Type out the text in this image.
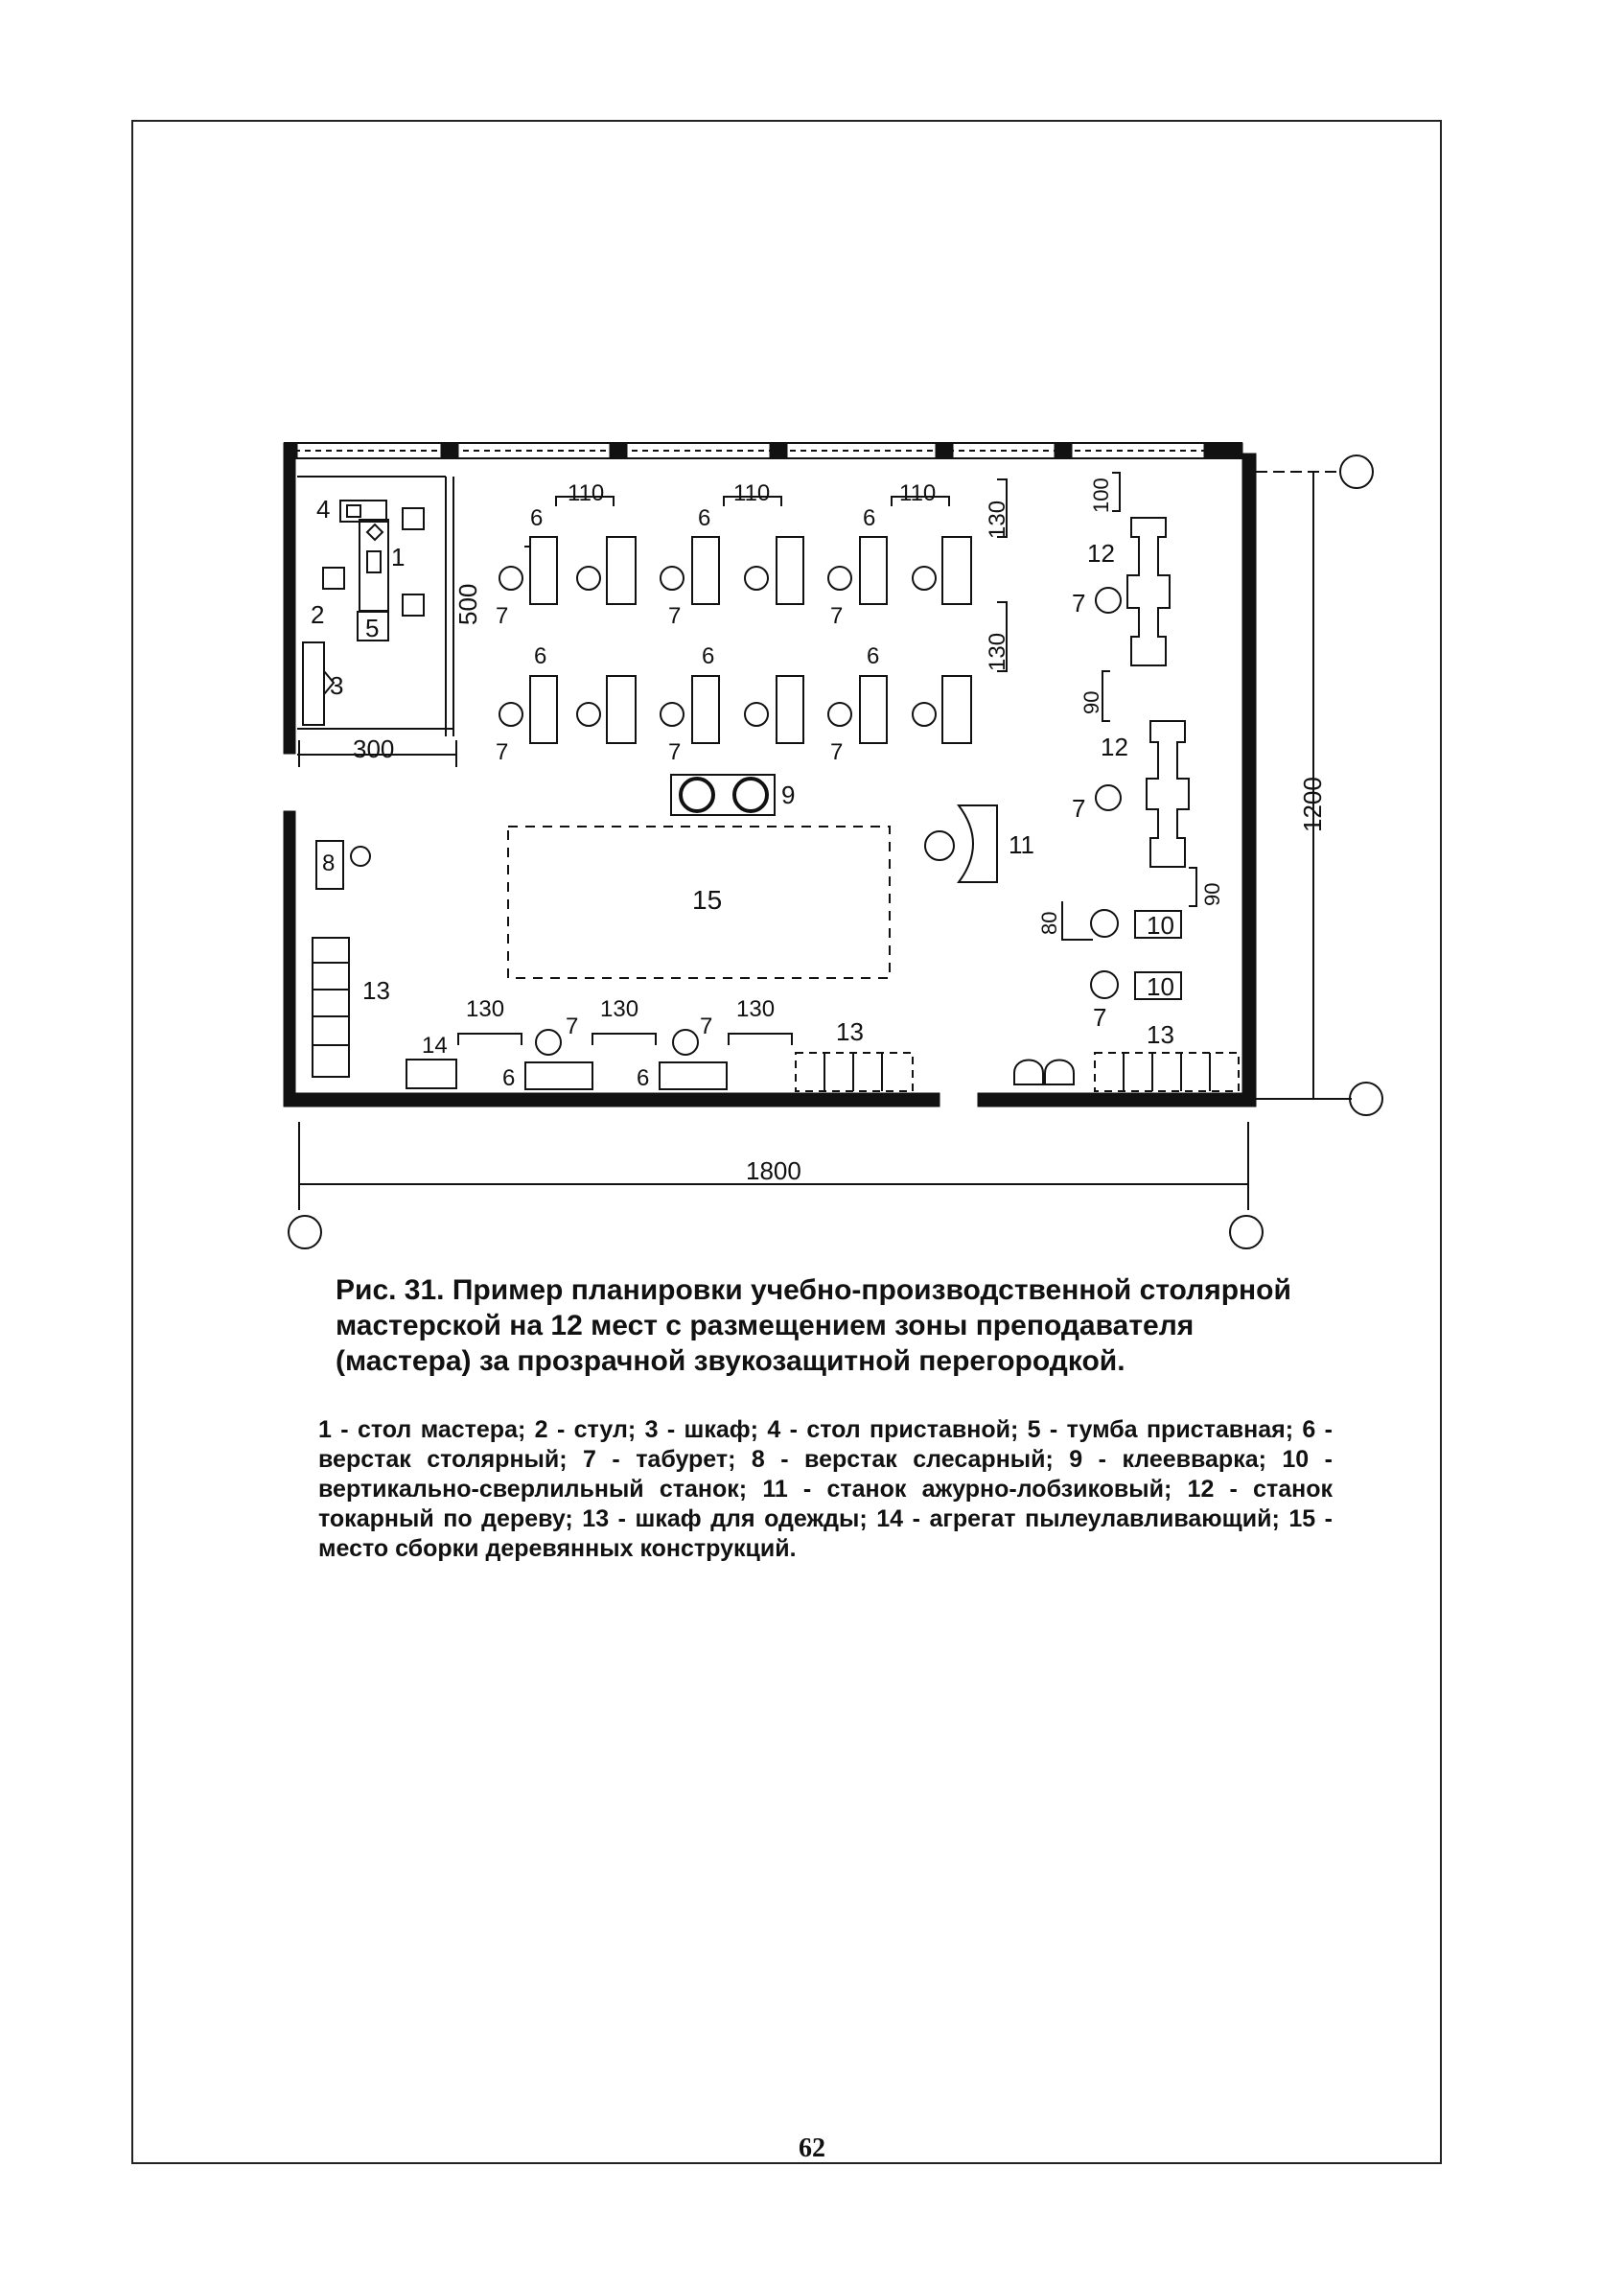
4
1
2 5
3
300
500
6	6	6
110	110	110
7	7	7
6	6	6
7	7	7
130
130
9
15
11
8
13
13	13
14
6	6
7	7
130	130	130
12
7
12
7
10
10
7
100
90
90
80
1800
1200
Рис. 31. Пример планировки учебно-производственной столярной мастерской на 12 мест с размещением зоны преподавателя (мастера) за прозрачной звукозащитной перегородкой.
1 - стол мастера; 2 - стул; 3 - шкаф; 4 - стол приставной; 5 - тумба приставная; 6 - верстак столярный; 7 - табурет; 8 - верстак слесарный; 9 - клеевварка; 10 - вертикально-сверлильный станок; 11 - станок ажурно-лобзиковый; 12 - станок токарный по дереву; 13 - шкаф для одежды; 14 - агрегат пылеулавливающий; 15 - место сборки деревянных конструкций.
62
